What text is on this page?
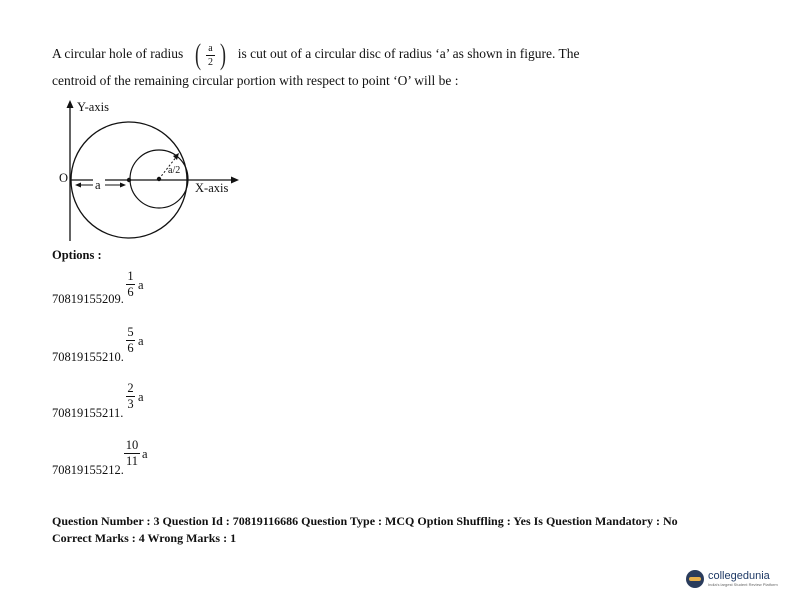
A circular hole of radius ( $\frac{a}{2}$ ) is cut out of a circular disc of radius ‘a’ as shown in figure. The
centroid of the remaining circular portion with respect to point ‘O’ will be :
Y-axis
X-axis
O a
a/2
Options :
1
6 a
70819155209.
5
6 a
70819155210.
2
3 a
70819155211.
10
11 a
70819155212.
Question Number : 3 Question Id : 70819116686 Question Type : MCQ Option Shuffling : Yes Is Question Mandatory : No
Correct Marks : 4 Wrong Marks : 1
collegedunia
India's largest Student Review Platform
